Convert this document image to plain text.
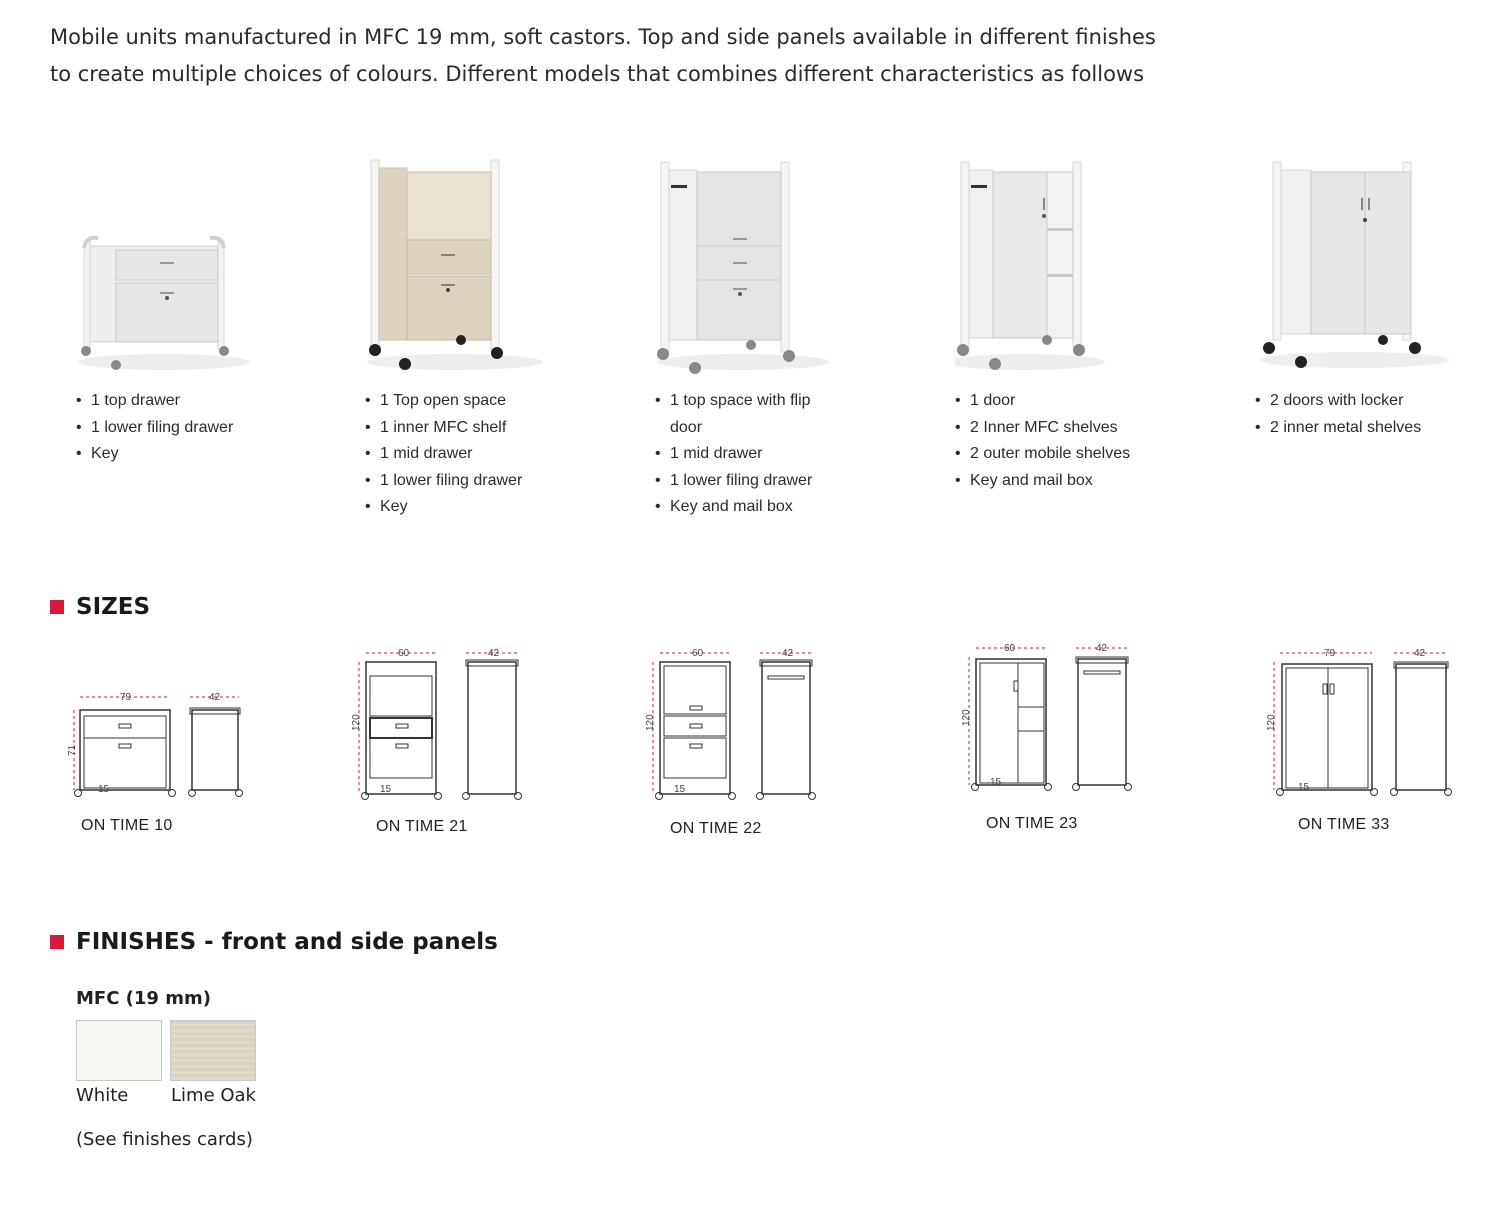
Mobile units manufactured in MFC 19 mm, soft castors. Top and side panels available in different finishes
to create multiple choices of colours. Different models that combines different characteristics as follows
• 1 top drawer
• 1 lower filing drawer
• Key
• 1 Top open space
• 1 inner MFC shelf
• 1 mid drawer
• 1 lower filing drawer
• Key
• 1 top space with flip door
• 1 mid drawer
• 1 lower filing drawer
• Key and mail box
• 1 door
• 2 Inner MFC shelves
• 2 outer mobile shelves
• Key and mail box
• 2 doors with locker
• 2 inner metal shelves
SIZES
79	42
71
15
ON TIME 10
60	42
120
15
ON TIME 21
60	42
120
15
ON TIME 22
60	42
120
15
ON TIME 23
79	42
120
15
ON TIME 33
FINISHES - front and side panels
MFC (19 mm)
White Lime Oak
(See finishes cards)
